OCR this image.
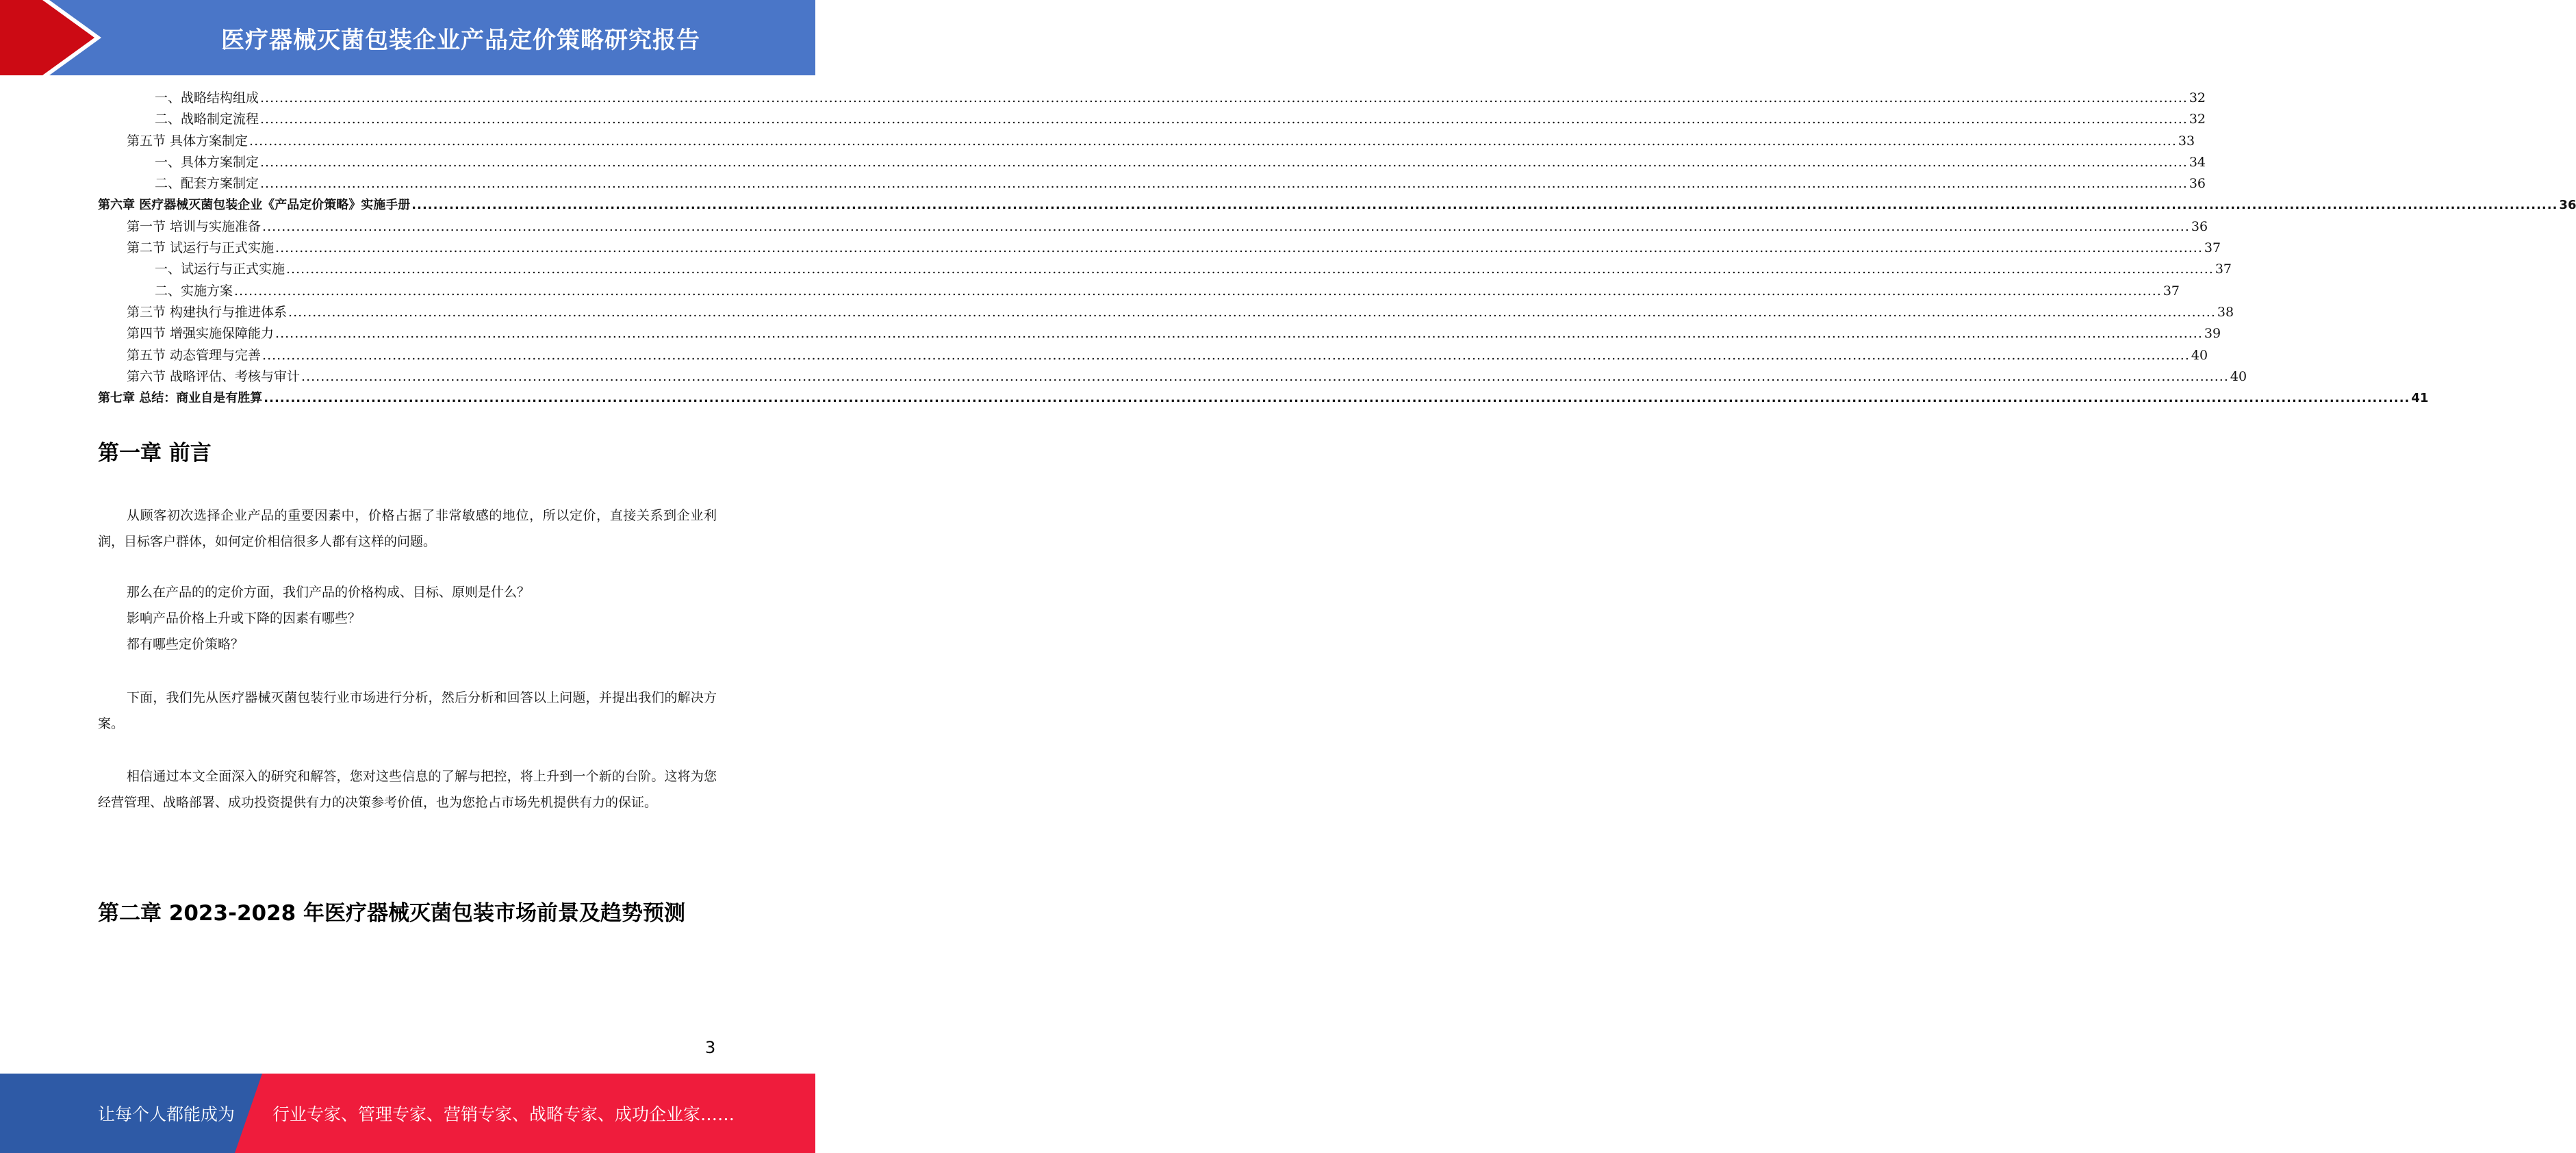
医疗器械灭菌包装企业产品定价策略研究报告
一、战略结构组成 ................................................................................................................................................................................................................................................................................................................................................................................................................ 32
二、战略制定流程 ................................................................................................................................................................................................................................................................................................................................................................................................................ 32
第五节 具体方案制定 ................................................................................................................................................................................................................................................................................................................................................................................................................ 33
一、具体方案制定 ................................................................................................................................................................................................................................................................................................................................................................................................................ 34
二、配套方案制定 ................................................................................................................................................................................................................................................................................................................................................................................................................ 36
第六章 医疗器械灭菌包装企业《产品定价策略》实施手册 ................................................................................................................................................................................................................................................................................................................................................................................................................ 36
第一节 培训与实施准备 ................................................................................................................................................................................................................................................................................................................................................................................................................ 36
第二节 试运行与正式实施 ................................................................................................................................................................................................................................................................................................................................................................................................................ 37
一、试运行与正式实施 ................................................................................................................................................................................................................................................................................................................................................................................................................ 37
二、实施方案 ................................................................................................................................................................................................................................................................................................................................................................................................................ 37
第三节 构建执行与推进体系 ................................................................................................................................................................................................................................................................................................................................................................................................................ 38
第四节 增强实施保障能力 ................................................................................................................................................................................................................................................................................................................................................................................................................ 39
第五节 动态管理与完善 ................................................................................................................................................................................................................................................................................................................................................................................................................ 40
第六节 战略评估、考核与审计 ................................................................................................................................................................................................................................................................................................................................................................................................................ 40
第七章 总结：商业自是有胜算 ................................................................................................................................................................................................................................................................................................................................................................................................................ 41
第一章 前言

从顾客初次选择企业产品的重要因素中，价格占据了非常敏感的地位，所以定价，直接关系到企业利润，目标客户群体，如何定价相信很多人都有这样的问题。

那么在产品的的定价方面，我们产品的价格构成、目标、原则是什么？
影响产品价格上升或下降的因素有哪些？
都有哪些定价策略？

下面，我们先从医疗器械灭菌包装行业市场进行分析，然后分析和回答以上问题，并提出我们的解决方案。

相信通过本文全面深入的研究和解答，您对这些信息的了解与把控，将上升到一个新的台阶。这将为您经营管理、战略部署、成功投资提供有力的决策参考价值，也为您抢占市场先机提供有力的保证。

第二章 2023-2028 年医疗器械灭菌包装市场前景及趋势预测
3
让每个人都能成为 行业专家、管理专家、营销专家、战略专家、成功企业家……
